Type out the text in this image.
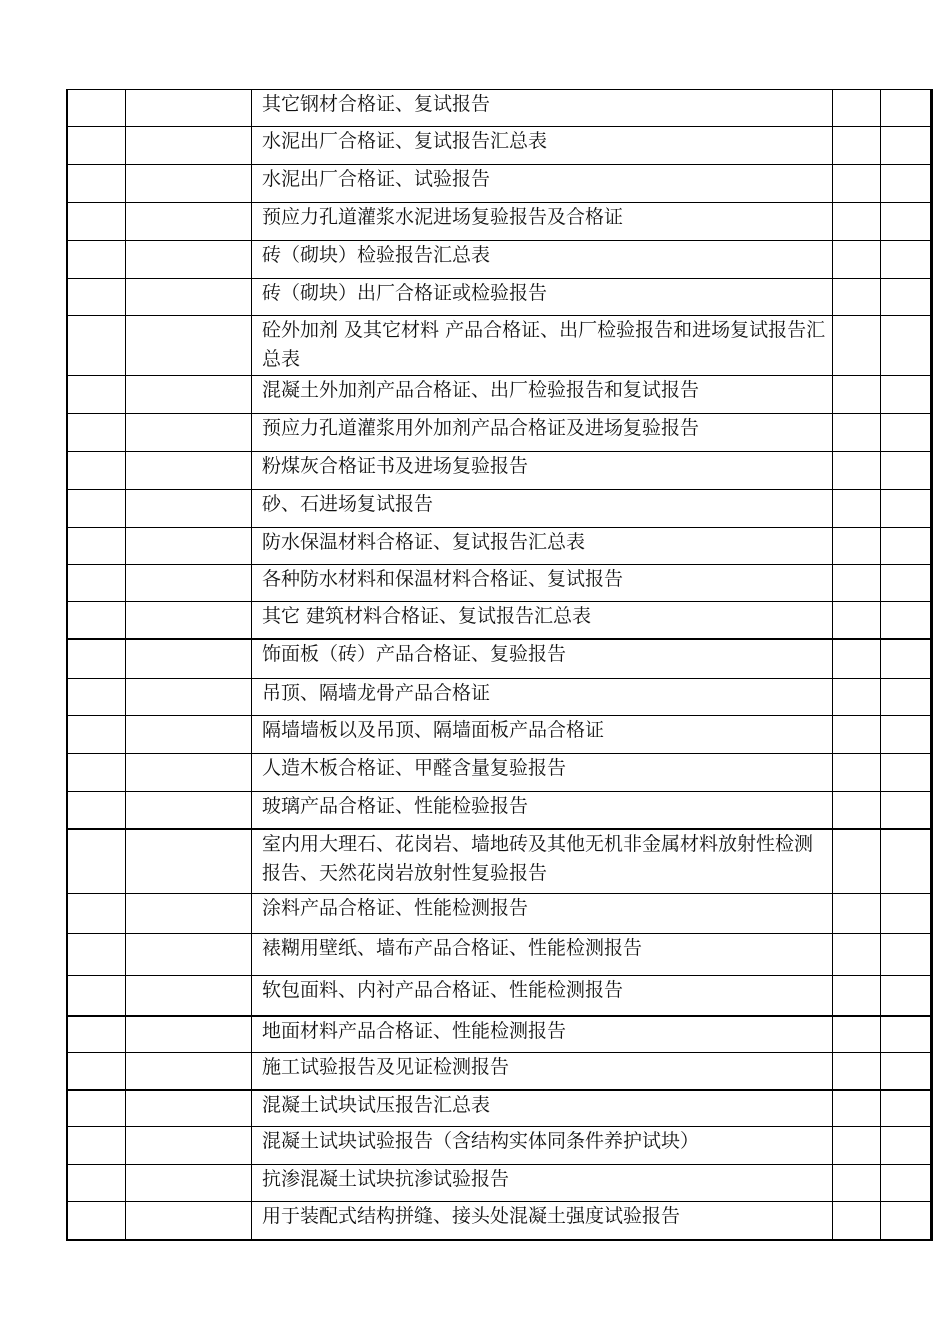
		其它钢材合格证、复试报告		
		水泥出厂合格证、复试报告汇总表		
		水泥出厂合格证、试验报告		
		预应力孔道灌浆水泥进场复验报告及合格证		
		砖（砌块）检验报告汇总表		
		砖（砌块）出厂合格证或检验报告		
		砼外加剂 及其它材料 产品合格证、出厂检验报告和进场复试报告汇总表		
		混凝土外加剂产品合格证、出厂检验报告和复试报告		
		预应力孔道灌浆用外加剂产品合格证及进场复验报告		
		粉煤灰合格证书及进场复验报告		
		砂、石进场复试报告		
		防水保温材料合格证、复试报告汇总表		
		各种防水材料和保温材料合格证、复试报告		
		其它 建筑材料合格证、复试报告汇总表		
		饰面板（砖）产品合格证、复验报告		
		吊顶、隔墙龙骨产品合格证		
		隔墙墙板以及吊顶、隔墙面板产品合格证		
		人造木板合格证、甲醛含量复验报告		
		玻璃产品合格证、性能检验报告		
		室内用大理石、花岗岩、墙地砖及其他无机非金属材料放射性检测报告、天然花岗岩放射性复验报告		
		涂料产品合格证、性能检测报告		
		裱糊用壁纸、墙布产品合格证、性能检测报告		
		软包面料、内衬产品合格证、性能检测报告		
		地面材料产品合格证、性能检测报告		
		施工试验报告及见证检测报告		
		混凝土试块试压报告汇总表		
		混凝土试块试验报告（含结构实体同条件养护试块）		
		抗渗混凝土试块抗渗试验报告		
		用于装配式结构拼缝、接头处混凝土强度试验报告		
